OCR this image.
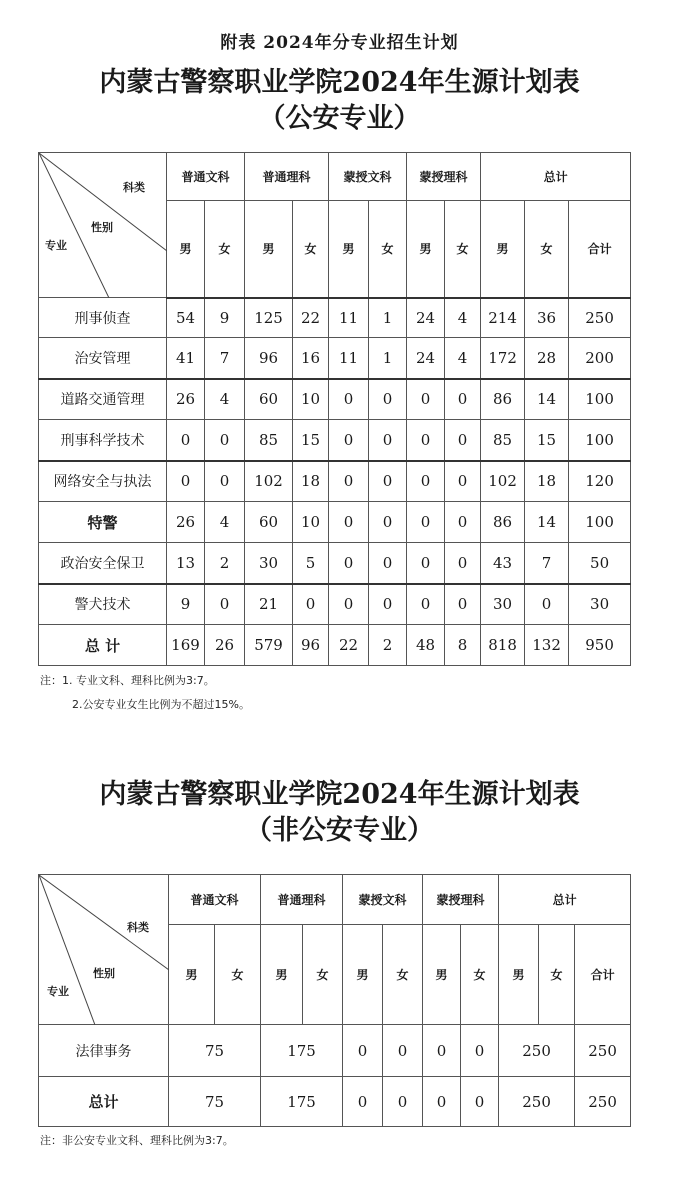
附表 2024年分专业招生计划
内蒙古警察职业学院2024年生源计划表
（公安专业）
科类
性别
专业	普通文科		普通理科		蒙授文科		蒙授理科		总计		
	男	女	男	女	男	女	男	女	男	女	合计
刑事侦查	54	9	125	22	11	1	24	4	214	36	250
治安管理	41	7	96	16	11	1	24	4	172	28	200
道路交通管理	26	4	60	10	0	0	0	0	86	14	100
刑事科学技术	0	0	85	15	0	0	0	0	85	15	100
网络安全与执法	0	0	102	18	0	0	0	0	102	18	120
特警	26	4	60	10	0	0	0	0	86	14	100
政治安全保卫	13	2	30	5	0	0	0	0	43	7	50
警犬技术	9	0	21	0	0	0	0	0	30	0	30
总 计	169	26	579	96	22	2	48	8	818	132	950
注：1. 专业文科、理科比例为3:7。
2.公安专业女生比例为不超过15%。
内蒙古警察职业学院2024年生源计划表
（非公安专业）
科类
性别
专业	普通文科		普通理科		蒙授文科		蒙授理科		总计		
	男	女	男	女	男	女	男	女	男	女	合计
法律事务	75		175		0	0	0	0	250		250
总计	75		175		0	0	0	0	250		250
注：非公安专业文科、理科比例为3:7。
